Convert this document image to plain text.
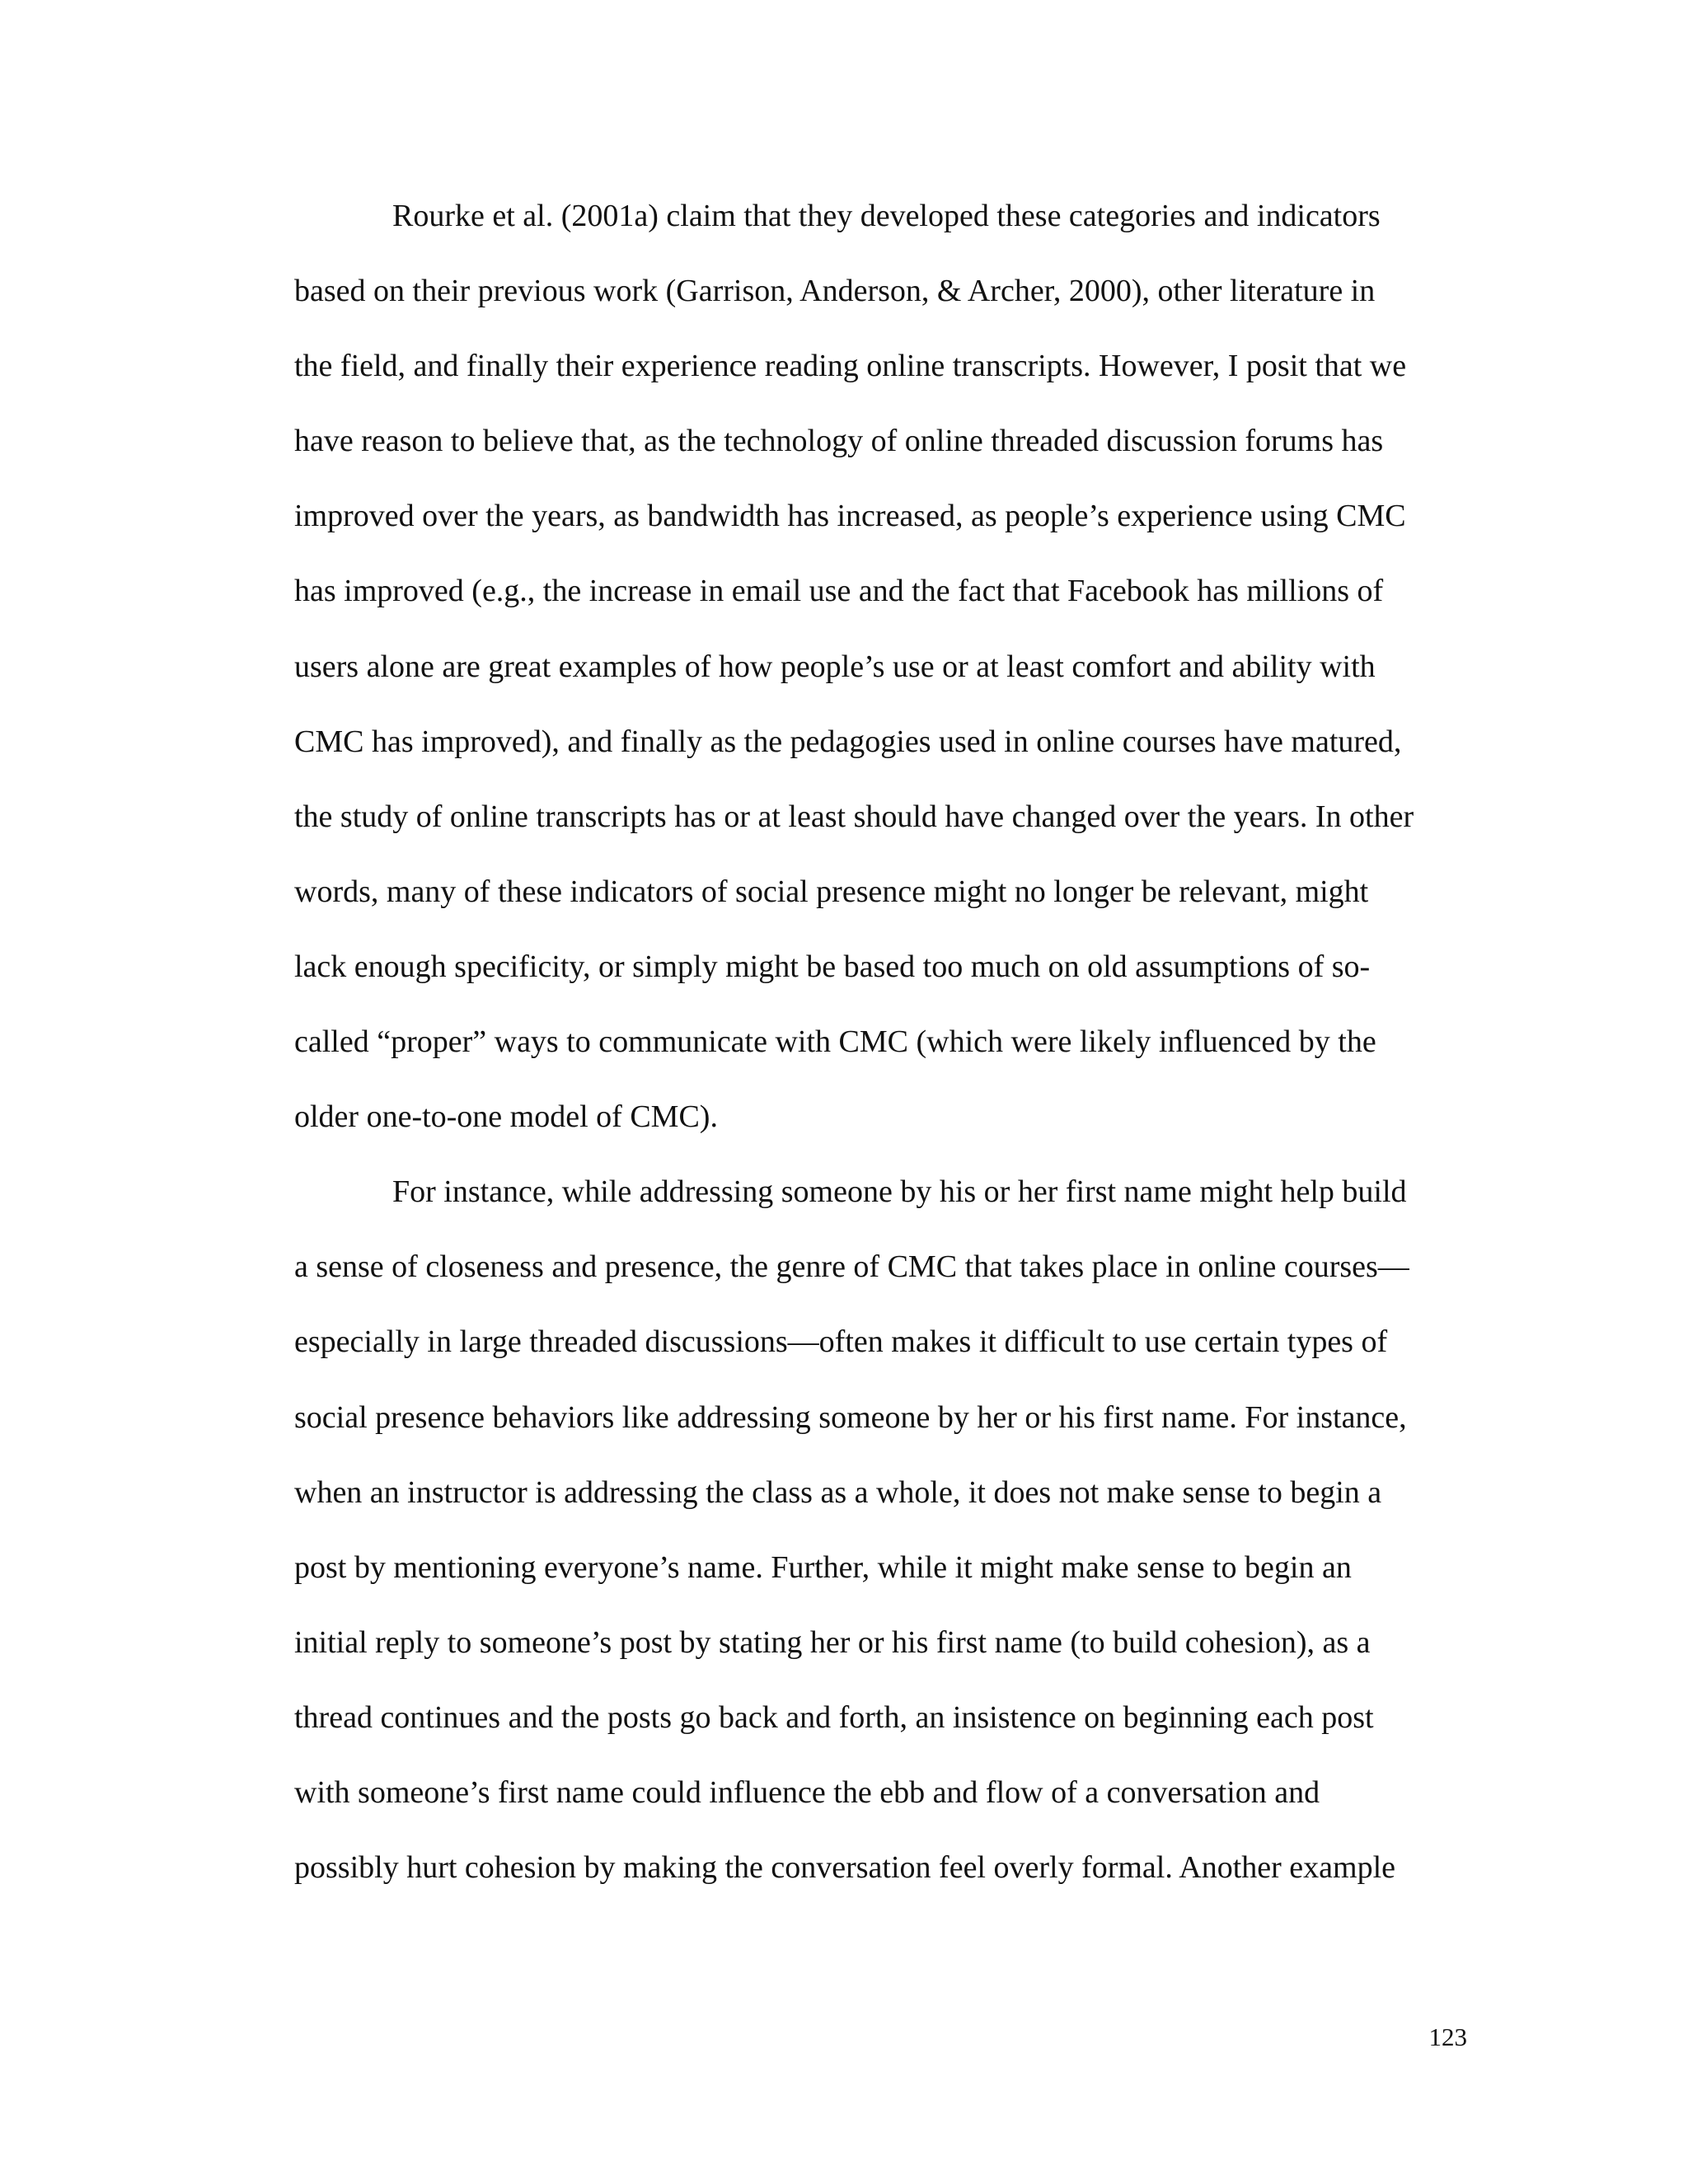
Rourke et al. (2001a) claim that they developed these categories and indicators
based on their previous work (Garrison, Anderson, & Archer, 2000), other literature in
the field, and finally their experience reading online transcripts. However, I posit that we
have reason to believe that, as the technology of online threaded discussion forums has
improved over the years, as bandwidth has increased, as people’s experience using CMC
has improved (e.g., the increase in email use and the fact that Facebook has millions of
users alone are great examples of how people’s use or at least comfort and ability with
CMC has improved), and finally as the pedagogies used in online courses have matured,
the study of online transcripts has or at least should have changed over the years. In other
words, many of these indicators of social presence might no longer be relevant, might
lack enough specificity, or simply might be based too much on old assumptions of so-
called “proper” ways to communicate with CMC (which were likely influenced by the
older one-to-one model of CMC).
For instance, while addressing someone by his or her first name might help build
a sense of closeness and presence, the genre of CMC that takes place in online courses—
especially in large threaded discussions—often makes it difficult to use certain types of
social presence behaviors like addressing someone by her or his first name. For instance,
when an instructor is addressing the class as a whole, it does not make sense to begin a
post by mentioning everyone’s name. Further, while it might make sense to begin an
initial reply to someone’s post by stating her or his first name (to build cohesion), as a
thread continues and the posts go back and forth, an insistence on beginning each post
with someone’s first name could influence the ebb and flow of a conversation and
possibly hurt cohesion by making the conversation feel overly formal. Another example
123
